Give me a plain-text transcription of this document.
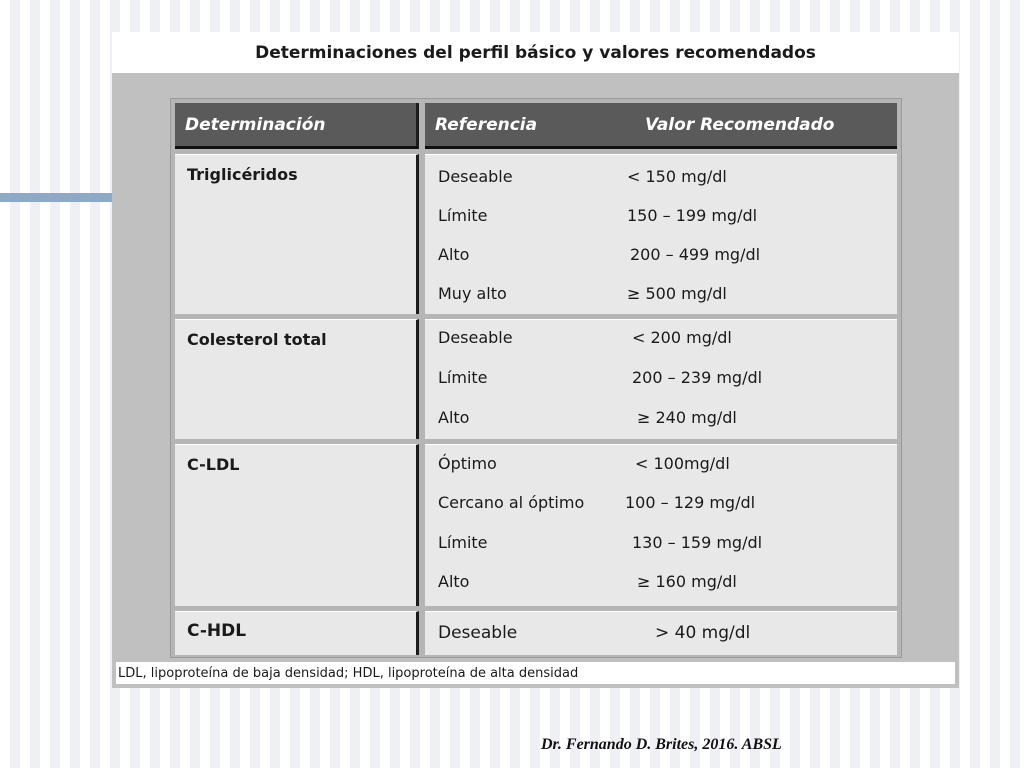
Determinaciones del perfil básico y valores recomendados
Determinación	Referencia	Valor Recomendado
Triglicéridos	Deseable	< 150 mg/dl
Límite	150 – 199 mg/dl
Alto	200 – 499 mg/dl
Muy alto	≥ 500 mg/dl
Colesterol total	Deseable	< 200 mg/dl
Límite	200 – 239 mg/dl
Alto	≥ 240 mg/dl
C-LDL	Óptimo	< 100mg/dl
Cercano al óptimo	100 – 129 mg/dl
Límite	130 – 159 mg/dl
Alto	≥ 160 mg/dl
C-HDL	Deseable	> 40 mg/dl
LDL, lipoproteína de baja densidad; HDL, lipoproteína de alta densidad
Dr. Fernando D. Brites, 2016. ABSL
